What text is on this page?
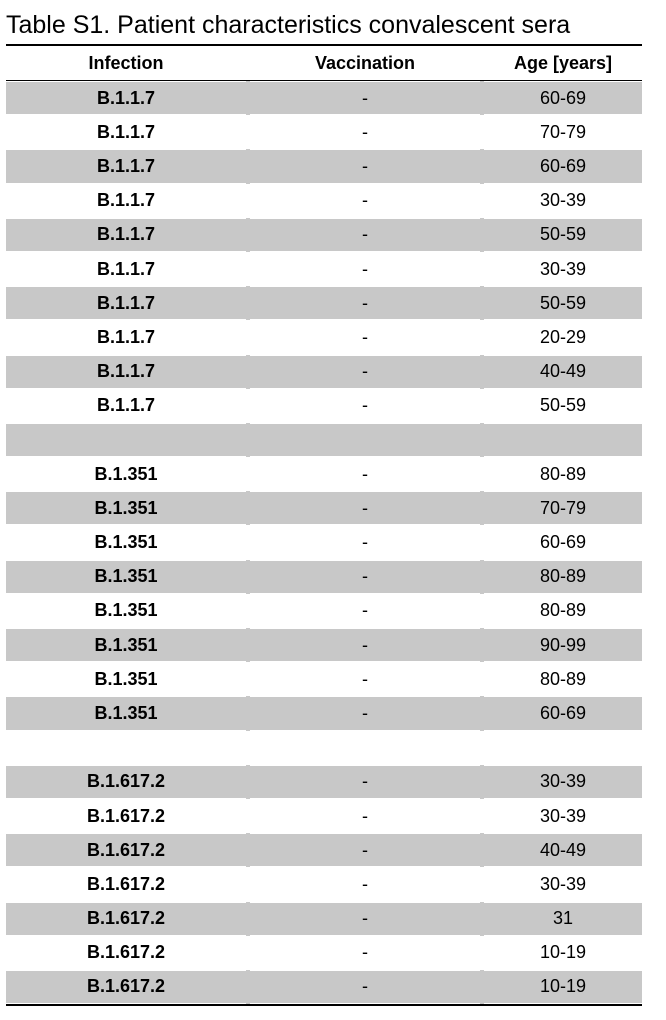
Table S1. Patient characteristics convalescent sera
Infection	Vaccination	Age [years]
B.1.1.7	-	60-69
B.1.1.7	-	70-79
B.1.1.7	-	60-69
B.1.1.7	-	30-39
B.1.1.7	-	50-59
B.1.1.7	-	30-39
B.1.1.7	-	50-59
B.1.1.7	-	20-29
B.1.1.7	-	40-49
B.1.1.7	-	50-59
B.1.351	-	80-89
B.1.351	-	70-79
B.1.351	-	60-69
B.1.351	-	80-89
B.1.351	-	80-89
B.1.351	-	90-99
B.1.351	-	80-89
B.1.351	-	60-69
B.1.617.2	-	30-39
B.1.617.2	-	30-39
B.1.617.2	-	40-49
B.1.617.2	-	30-39
B.1.617.2	-	31
B.1.617.2	-	10-19
B.1.617.2	-	10-19
